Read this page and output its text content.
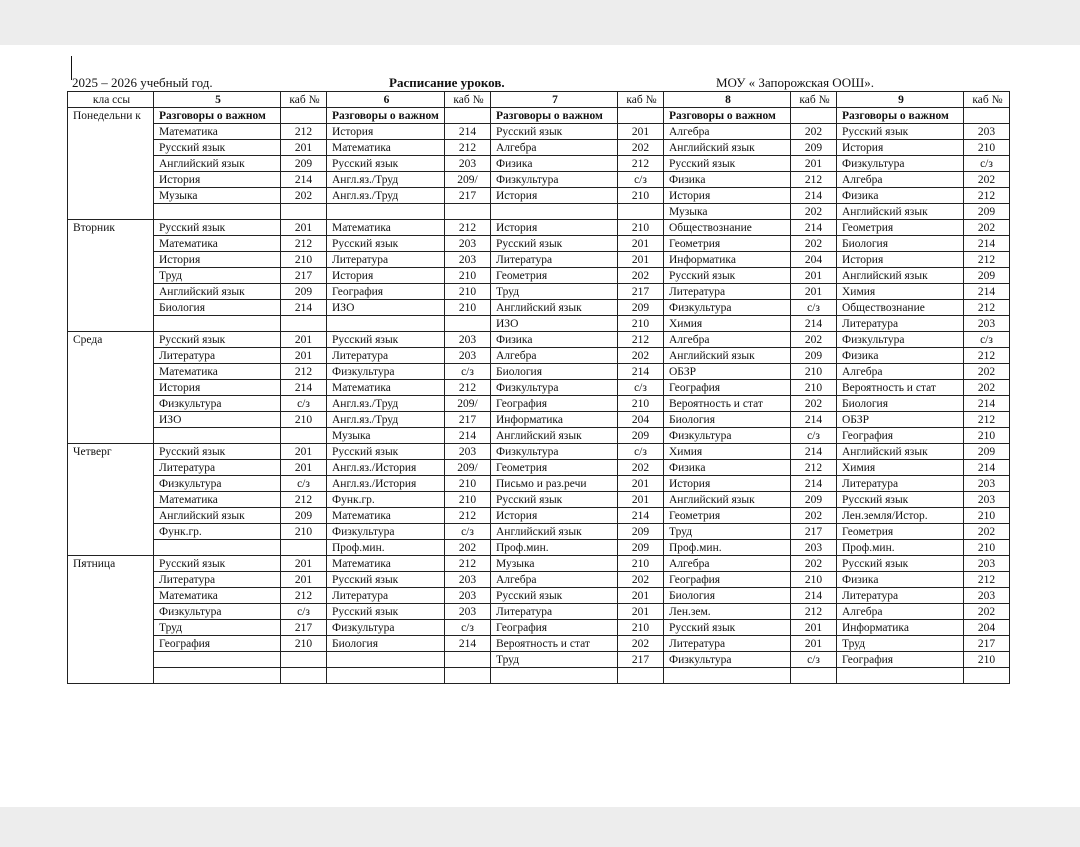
2025 – 2026 учебный год.	Расписание уроков.	МОУ « Запорожская ООШ».
кла ссы	5	каб №	6	каб №	7	каб №	8	каб №	9	каб №
Понедельни к	Разговоры о важном		Разговоры о важном		Разговоры о важном		Разговоры о важном		Разговоры о важном	
	Математика	212	История	214	Русский язык	201	Алгебра	202	Русский язык	203
	Русский язык	201	Математика	212	Алгебра	202	Английский язык	209	История	210
	Английский язык	209	Русский язык	203	Физика	212	Русский язык	201	Физкультура	с/з
	История	214	Англ.яз./Труд	209/	Физкультура	с/з	Физика	212	Алгебра	202
	Музыка	202	Англ.яз./Труд	217	История	210	История	214	Физика	212
							Музыка	202	Английский язык	209
Вторник	Русский язык	201	Математика	212	История	210	Обществознание	214	Геометрия	202
	Математика	212	Русский язык	203	Русский язык	201	Геометрия	202	Биология	214
	История	210	Литература	203	Литература	201	Информатика	204	История	212
	Труд	217	История	210	Геометрия	202	Русский язык	201	Английский язык	209
	Английский язык	209	География	210	Труд	217	Литература	201	Химия	214
	Биология	214	ИЗО	210	Английский язык	209	Физкультура	с/з	Обществознание	212
					ИЗО	210	Химия	214	Литература	203
Среда	Русский язык	201	Русский язык	203	Физика	212	Алгебра	202	Физкультура	с/з
	Литература	201	Литература	203	Алгебра	202	Английский язык	209	Физика	212
	Математика	212	Физкультура	с/з	Биология	214	ОБЗР	210	Алгебра	202
	История	214	Математика	212	Физкультура	с/з	География	210	Вероятность и стат	202
	Физкультура	с/з	Англ.яз./Труд	209/	География	210	Вероятность и стат	202	Биология	214
	ИЗО	210	Англ.яз./Труд	217	Информатика	204	Биология	214	ОБЗР	212
			Музыка	214	Английский язык	209	Физкультура	с/з	География	210
Четверг	Русский язык	201	Русский язык	203	Физкультура	с/з	Химия	214	Английский язык	209
	Литература	201	Англ.яз./История	209/	Геометрия	202	Физика	212	Химия	214
	Физкультура	с/з	Англ.яз./История	210	Письмо и раз.речи	201	История	214	Литература	203
	Математика	212	Функ.гр.	210	Русский язык	201	Английский язык	209	Русский язык	203
	Английский язык	209	Математика	212	История	214	Геометрия	202	Лен.земля/Истор.	210
	Функ.гр.	210	Физкультура	с/з	Английский язык	209	Труд	217	Геометрия	202
			Проф.мин.	202	Проф.мин.	209	Проф.мин.	203	Проф.мин.	210
Пятница	Русский язык	201	Математика	212	Музыка	210	Алгебра	202	Русский язык	203
	Литература	201	Русский язык	203	Алгебра	202	География	210	Физика	212
	Математика	212	Литература	203	Русский язык	201	Биология	214	Литература	203
	Физкультура	с/з	Русский язык	203	Литература	201	Лен.зем.	212	Алгебра	202
	Труд	217	Физкультура	с/з	География	210	Русский язык	201	Информатика	204
	География	210	Биология	214	Вероятность и стат	202	Литература	201	Труд	217
					Труд	217	Физкультура	с/з	География	210
